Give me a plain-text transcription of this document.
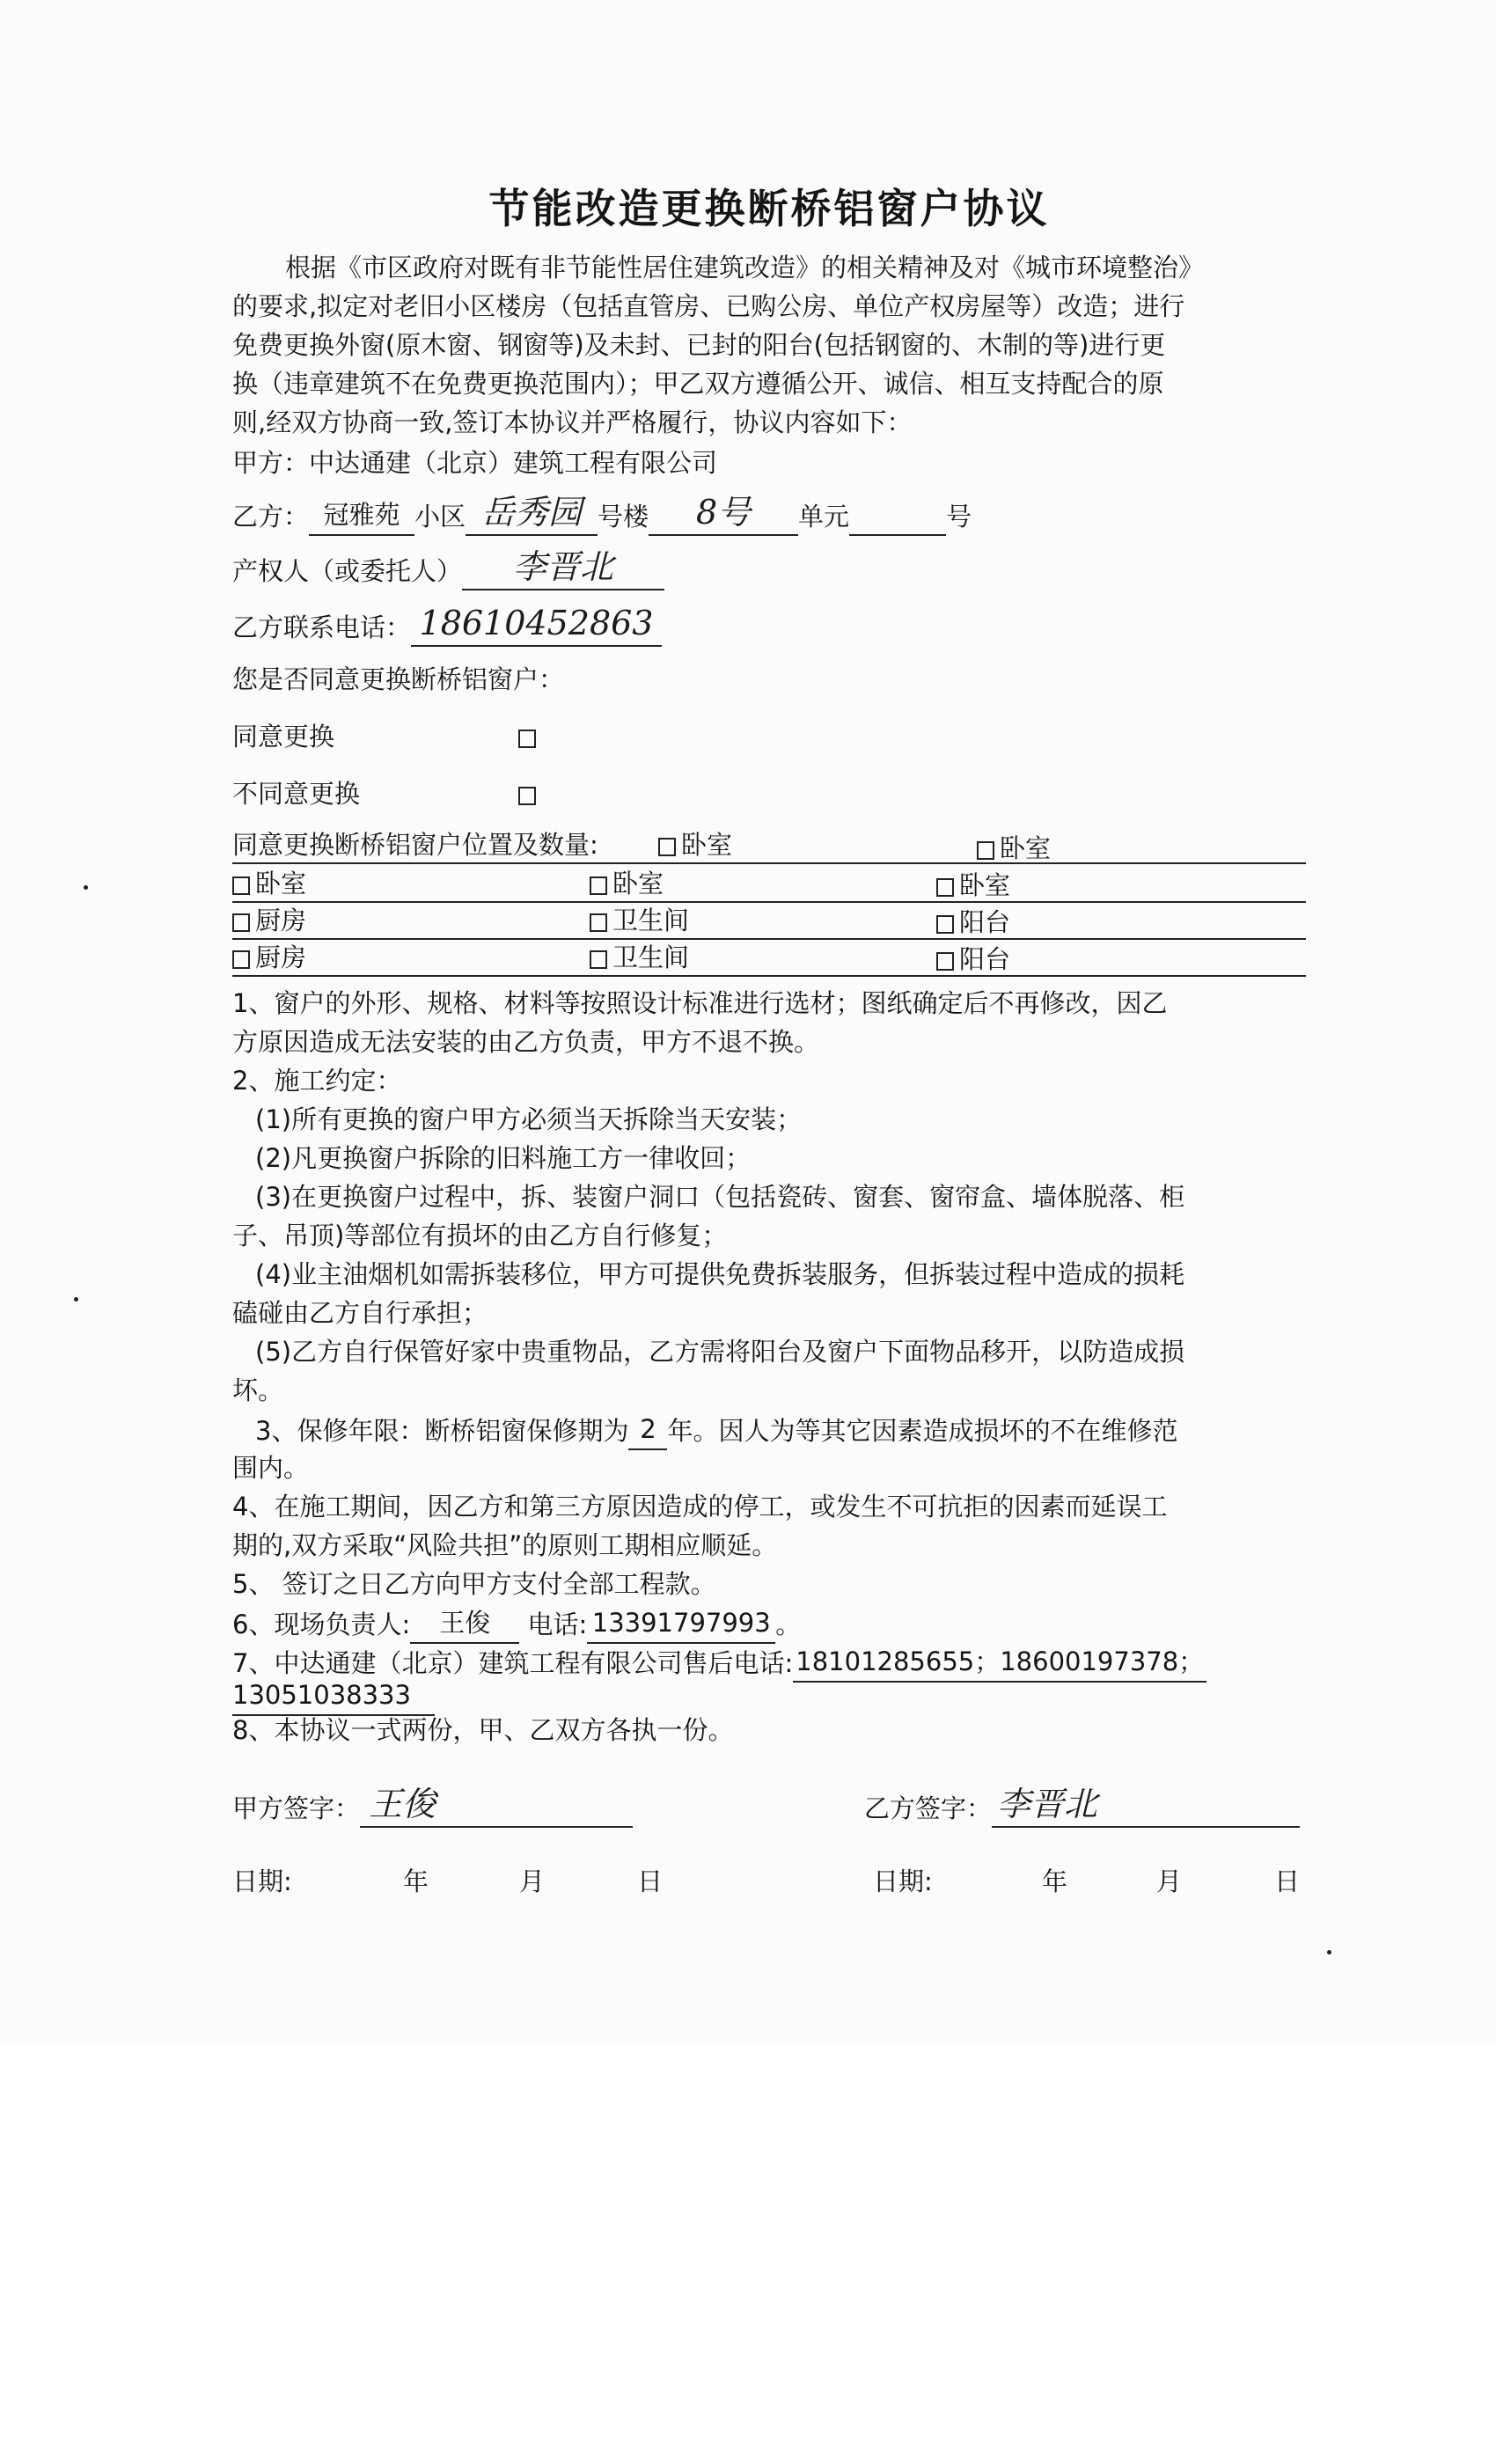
节能改造更换断桥铝窗户协议
根据《市区政府对既有非节能性居住建筑改造》的相关精神及对《城市环境整治》
的要求,拟定对老旧小区楼房（包括直管房、已购公房、单位产权房屋等）改造；进行
免费更换外窗(原木窗、钢窗等)及未封、已封的阳台(包括钢窗的、木制的等)进行更
换（违章建筑不在免费更换范围内）；甲乙双方遵循公开、诚信、相互支持配合的原
则,经双方协商一致,签订本协议并严格履行，协议内容如下：
甲方：中达通建（北京）建筑工程有限公司
乙方： 冠雅苑 小区 岳秀园 号楼 8号 单元	号
产权人（或委托人） 李晋北
乙方联系电话： 18610452863
您是否同意更换断桥铝窗户：
同意更换
不同意更换
同意更换断桥铝窗户位置及数量:	卧室	卧室
卧室	卧室	卧室
厨房	卫生间	阳台
厨房	卫生间	阳台
1、窗户的外形、规格、材料等按照设计标准进行选材；图纸确定后不再修改，因乙
方原因造成无法安装的由乙方负责，甲方不退不换。
2、施工约定：
(1)所有更换的窗户甲方必须当天拆除当天安装；
(2)凡更换窗户拆除的旧料施工方一律收回；
(3)在更换窗户过程中，拆、装窗户洞口（包括瓷砖、窗套、窗帘盒、墙体脱落、柜
子、吊顶)等部位有损坏的由乙方自行修复；
(4)业主油烟机如需拆装移位，甲方可提供免费拆装服务，但拆装过程中造成的损耗
磕碰由乙方自行承担；
(5)乙方自行保管好家中贵重物品，乙方需将阳台及窗户下面物品移开，以防造成损
坏。
3、保修年限：断桥铝窗保修期为 2 年。因人为等其它因素造成损坏的不在维修范
围内。
4、在施工期间，因乙方和第三方原因造成的停工，或发生不可抗拒的因素而延误工
期的,双方采取“风险共担”的原则工期相应顺延。
5、 签订之日乙方向甲方支付全部工程款。
6、现场负责人: 王俊 电话: 13391797993 。
7、中达通建（北京）建筑工程有限公司售后电话: 18101285655；18600197378；
13051038333
8、本协议一式两份，甲、乙双方各执一份。
甲方签字： 王俊	乙方签字： 李晋北
日期:	年	月	日	日期:	年	月	日
